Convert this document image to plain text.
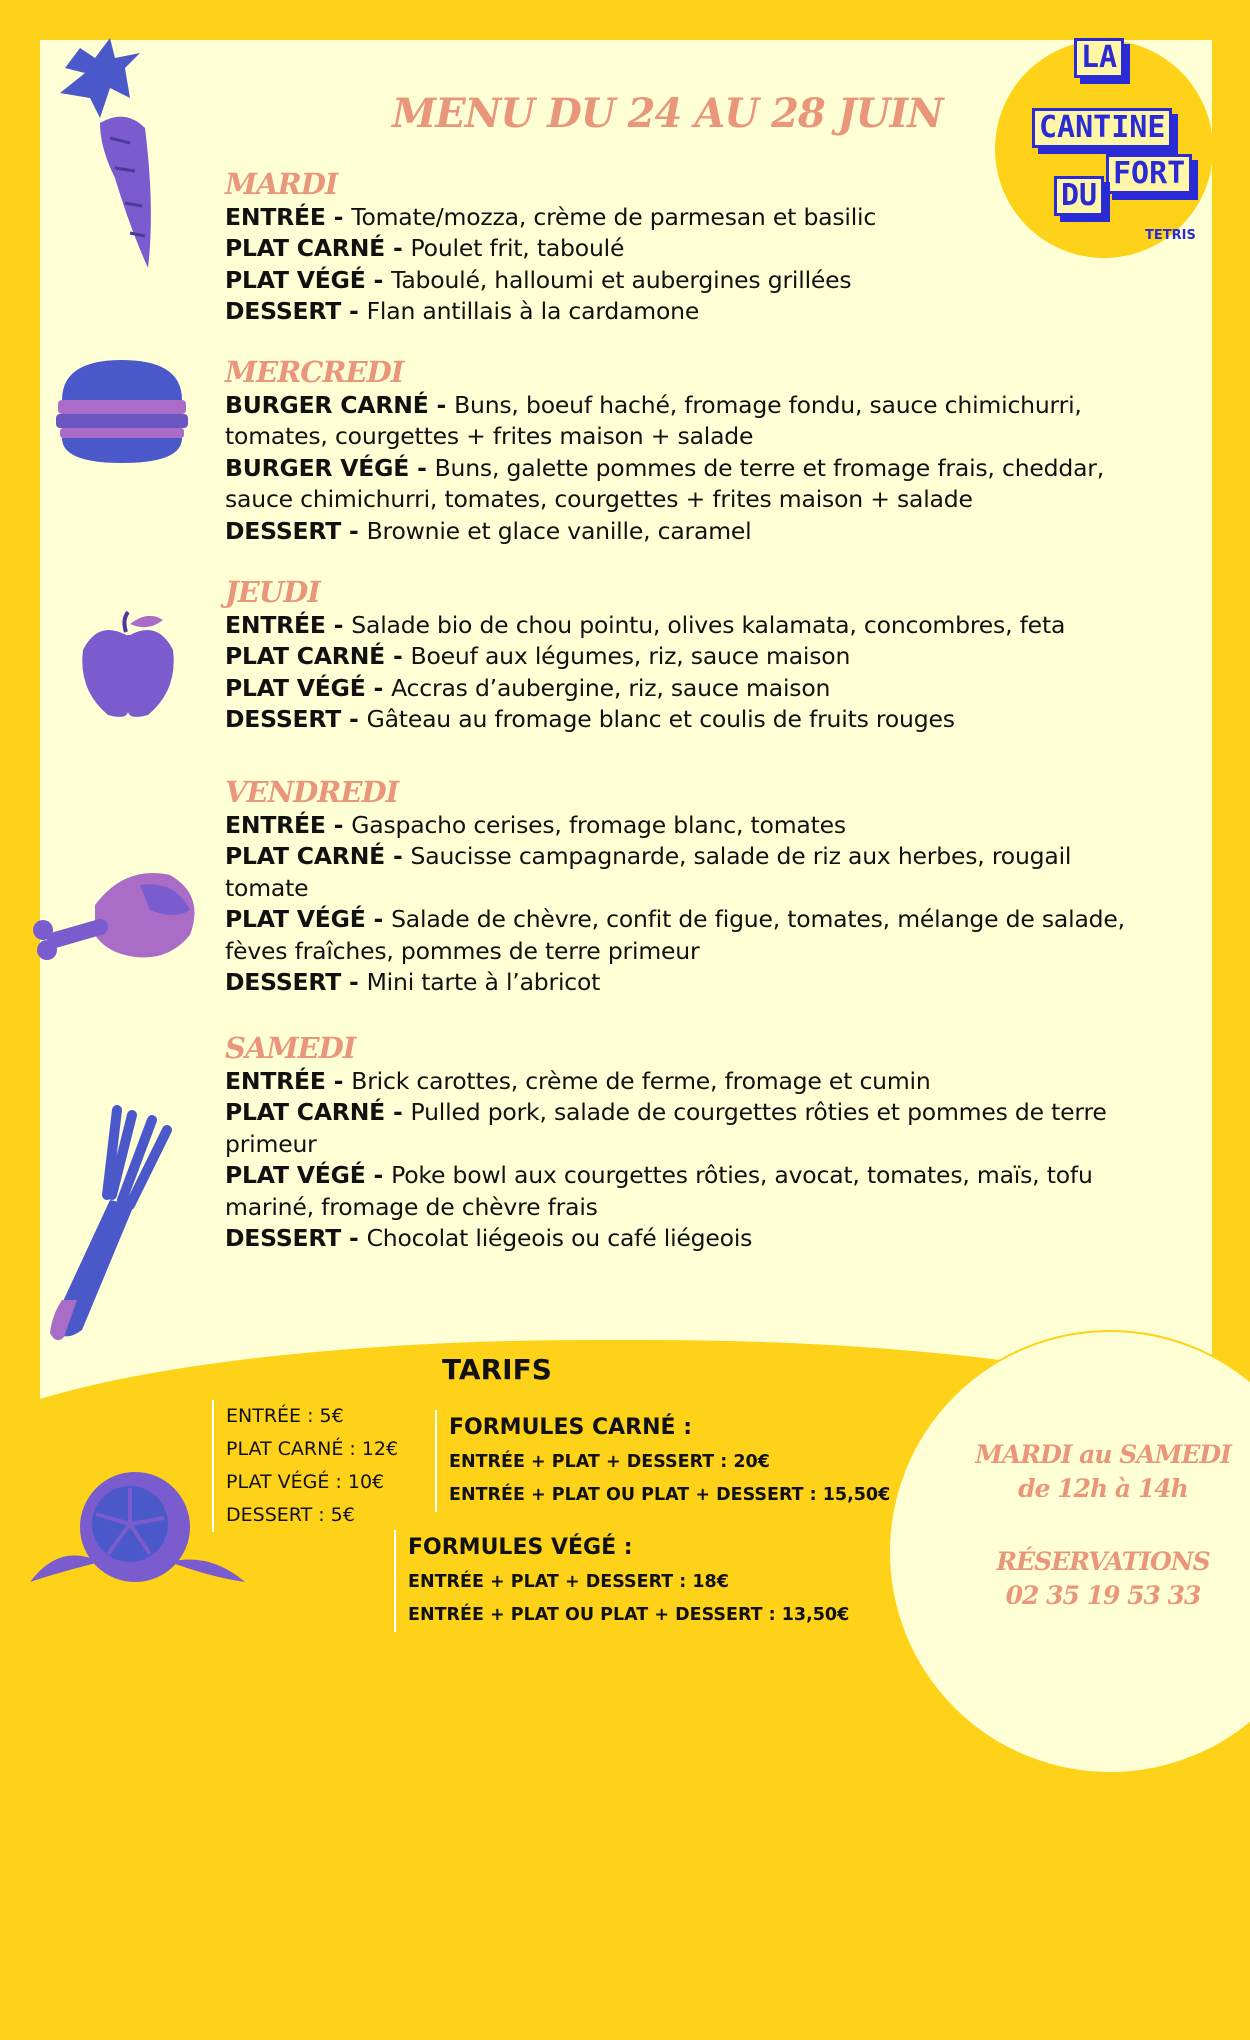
LA
CANTINE
FORT
DU
TETRIS
MENU DU 24 AU 28 JUIN
MARDI
ENTRÉE - Tomate/mozza, crème de parmesan et basilic
PLAT CARNÉ - Poulet frit, taboulé
PLAT VÉGÉ - Taboulé, halloumi et aubergines grillées
DESSERT - Flan antillais à la cardamone
MERCREDI
BURGER CARNÉ - Buns, boeuf haché, fromage fondu, sauce chimichurri, tomates, courgettes + frites maison + salade
BURGER VÉGÉ - Buns, galette pommes de terre et fromage frais, cheddar, sauce chimichurri, tomates, courgettes + frites maison + salade
DESSERT - Brownie et glace vanille, caramel
JEUDI
ENTRÉE - Salade bio de chou pointu, olives kalamata, concombres, feta
PLAT CARNÉ - Boeuf aux légumes, riz, sauce maison
PLAT VÉGÉ - Accras d’aubergine, riz, sauce maison
DESSERT - Gâteau au fromage blanc et coulis de fruits rouges
VENDREDI
ENTRÉE - Gaspacho cerises, fromage blanc, tomates
PLAT CARNÉ - Saucisse campagnarde, salade de riz aux herbes, rougail tomate
PLAT VÉGÉ - Salade de chèvre, confit de figue, tomates, mélange de salade, fèves fraîches, pommes de terre primeur
DESSERT - Mini tarte à l’abricot
SAMEDI
ENTRÉE - Brick carottes, crème de ferme, fromage et cumin
PLAT CARNÉ - Pulled pork, salade de courgettes rôties et pommes de terre primeur
PLAT VÉGÉ - Poke bowl aux courgettes rôties, avocat, tomates, maïs, tofu mariné, fromage de chèvre frais
DESSERT - Chocolat liégeois ou café liégeois
TARIFS
ENTRÉE : 5€
PLAT CARNÉ : 12€
PLAT VÉGÉ : 10€
DESSERT : 5€
FORMULES CARNÉ :
ENTRÉE + PLAT + DESSERT : 20€
ENTRÉE + PLAT OU PLAT + DESSERT : 15,50€
FORMULES VÉGÉ :
ENTRÉE + PLAT + DESSERT : 18€
ENTRÉE + PLAT OU PLAT + DESSERT : 13,50€
MARDI au SAMEDI
de 12h à 14h
RÉSERVATIONS
02 35 19 53 33
